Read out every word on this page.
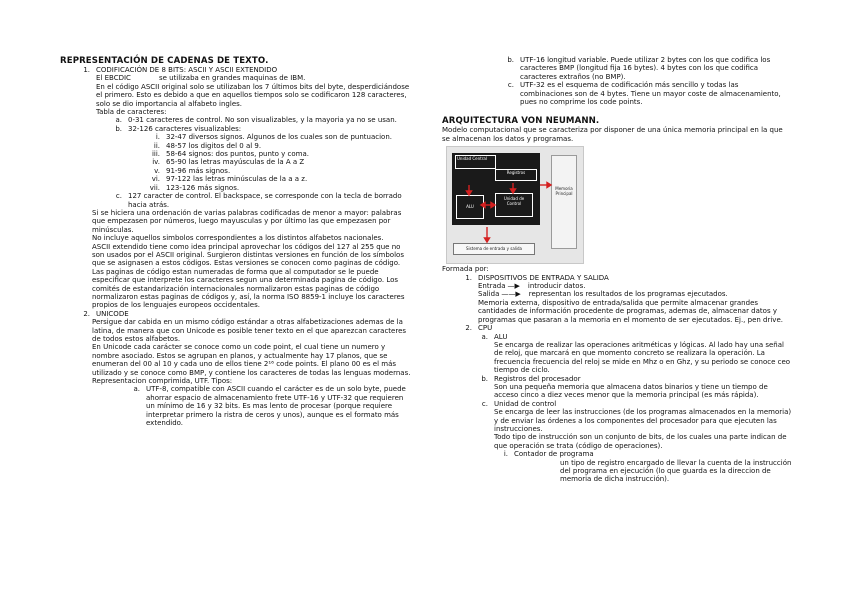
REPRESENTACIÓN DE CADENAS DE TEXTO.
1. CODIFICACIÓN DE 8 BITS: ASCII Y ASCII EXTENDIDO
El EBCDIC	se utilizaba en grandes maquinas de IBM.

En el código ASCII original solo se utilizaban los 7 últimos bits del byte, desperdiciándose el primero. Esto es debido a que en aquellos tiempos solo se codificaron 128 caracteres, solo se dio importancia al alfabeto ingles.

Tabla de caracteres:

a. 0-31 caracteres de control. No son visualizables, y la mayoria ya no se usan.
b. 32-126 caracteres visualizables:
i. 32-47 diversos signos. Algunos de los cuales son de puntuacion.
ii. 48-57 los digitos del 0 al 9.
iii. 58-64 signos: dos puntos, punto y coma.
iv. 65-90 las letras mayúsculas de la A a Z
v. 91-96 más signos.
vi. 97-122 las letras minúsculas de la a a z.
vii. 123-126 más signos.
c. 127 caracter de control. El backspace, se corresponde con la tecla de borrado hacia atrás.

Si se hiciera una ordenación de varias palabras codificadas de menor a mayor: palabras que empezasen por números, luego mayusculas y por último las que empezasen por minúsculas.

No incluye aquellos simbolos correspondientes a los distintos alfabetos nacionales.

ASCII extendido tiene como idea principal aprovechar los códigos del 127 al 255 que no son usados por el ASCII original. Surgieron distintas versiones en función de los símbolos que se asignasen a estos códigos. Estas versiones se conocen como paginas de código. Las paginas de código estan numeradas de forma que al computador se le puede especificar que interprete los caracteres segun una determinada pagina de código. Los comités de estandarización internacionales normalizaron estas paginas de código normalizaron estas paginas de códigos y, así, la norma ISO 8859-1 incluye los caracteres propios de los lenguajes europeos occidentales.

2. UNICODE

Persigue dar cabida en un mismo código estándar a otras alfabetizaciones ademas de la latina, de manera que con Unicode es posible tener texto en el que aparezcan caracteres de todos estos alfabetos.

En Unicode cada carácter se conoce como un code point, el cual tiene un numero y nombre asociado. Estos se agrupan en planos, y actualmente hay 17 planos, que se enumeran del 00 al 10 y cada uno de ellos tiene 2¹⁶ code points. El plano 00 es el más utilizado y se conoce como BMP, y contiene los caracteres de todas las lenguas modernas. Representacion comprimida, UTF. Tipos:

a. UTF-8, compatible con ASCII cuando el carácter es de un solo byte, puede ahorrar espacio de almacenamiento frete UTF-16 y UTF-32 que requieren un mínimo de 16 y 32 bits. Es mas lento de procesar (porque requiere interpretar primero la ristra de ceros y unos), aunque es el formato más extendido.
b. UTF-16 longitud variable. Puede utilizar 2 bytes con los que codifica los caracteres BMP (longitud fija 16 bytes). 4 bytes con los que codifica caracteres extraños (no BMP).
c. UTF-32 es el esquema de codificación más sencillo y todas las combinaciones son de 4 bytes. Tiene un mayor coste de almacenamiento, pues no comprime los code points.
ARQUITECTURA VON NEUMANN.

Modelo computacional que se caracteriza por disponer de una única memoria principal en la que se almacenan los datos y programas.

Unidad Central
Registros
ALU
Unidad de Control
Memoria Principal
Sistema de entrada y salida

Formada por:

1. DISPOSITIVOS DE ENTRADA Y SALIDA
Entrada —▶ introducir datos.
Salida ——▶ representan los resultados de los programas ejecutados.

Memoria externa, dispositivo de entrada/salida que permite almacenar grandes cantidades de información procedente de programas, ademas de, almacenar datos y programas que pasaran a la memoria en el momento de ser ejecutados. Ej., pen drive.

2. CPU
a. ALU

Se encarga de realizar las operaciones aritméticas y lógicas. Al lado hay una señal de reloj, que marcará en que momento concreto se realizara la operación. La frecuencia frecuencia del reloj se mide en Mhz o en Ghz, y su periodo se conoce ceo tiempo de ciclo.

b. Registros del procesador

Son una pequeña memoria que almacena datos binarios y tiene un tiempo de acceso cinco a diez veces menor que la memoria principal (es más rápida).

c. Unidad de control

Se encarga de leer las instrucciones (de los programas almacenados en la memoria) y de enviar las órdenes a los componentes del procesador para que ejecuten las instrucciones.

Todo tipo de instrucción son un conjunto de bits, de los cuales una parte indican de que operación se trata (código de operaciones).

i. Contador de programa

un tipo de registro encargado de llevar la cuenta de la instrucción del programa en ejecución (lo que guarda es la direccion de memoria de dicha instrucción).
